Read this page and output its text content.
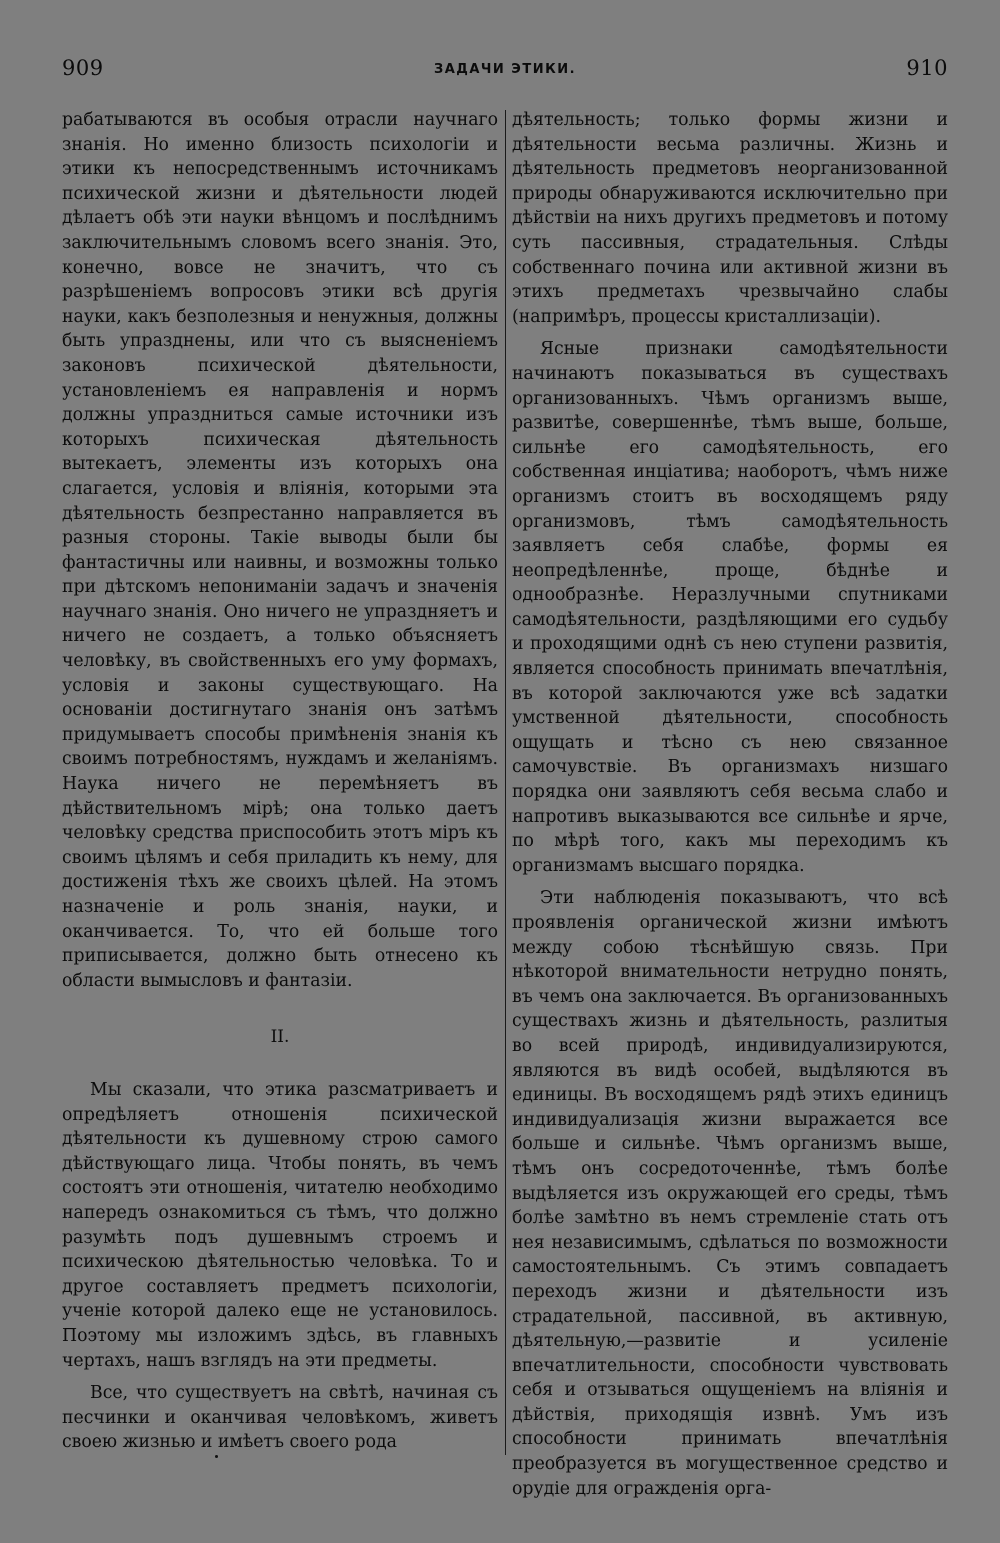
909	ЗАДАЧИ ЭТИКИ.	910

рабатываются въ особыя отрасли научнаго знанія. Но именно близость психологіи и этики къ непосредственнымъ источникамъ психической жизни и дѣятельности людей дѣлаетъ обѣ эти науки вѣнцомъ и послѣднимъ заключительнымъ словомъ всего знанія. Это, конечно, вовсе не значитъ, что съ разрѣшеніемъ вопросовъ этики всѣ другія науки, какъ безполезныя и ненужныя, должны быть упразднены, или что съ выясненіемъ законовъ психической дѣятельности, установленіемъ ея направленія и нормъ должны упраздниться самые источники изъ которыхъ психическая дѣятельность вытекаетъ, элементы изъ которыхъ она слагается, условія и вліянія, которыми эта дѣятельность безпрестанно направляется въ разныя стороны. Такіе выводы были бы фантастичны или наивны, и возможны только при дѣтскомъ непониманіи задачъ и значенія научнаго знанія. Оно ничего не упраздняетъ и ничего не создаетъ, а только объясняетъ человѣку, въ свойственныхъ его уму формахъ, условія и законы существующаго. На основаніи достигнутаго знанія онъ затѣмъ придумываетъ способы примѣненія знанія къ своимъ потребностямъ, нуждамъ и желаніямъ. Наука ничего не перемѣняетъ въ дѣйствительномъ мірѣ; она только даетъ человѣку средства приспособить этотъ міръ къ своимъ цѣлямъ и себя приладить къ нему, для достиженія тѣхъ же своихъ цѣлей. На этомъ назначеніе и роль знанія, науки, и оканчивается. То, что ей больше того приписывается, должно быть отнесено къ области вымысловъ и фантазіи.

II.

Мы сказали, что этика разсматриваетъ и опредѣляетъ отношенія психической дѣятельности къ душевному строю самого дѣйствующаго лица. Чтобы понять, въ чемъ состоятъ эти отношенія, читателю необходимо напередъ ознакомиться съ тѣмъ, что должно разумѣть подъ душевнымъ строемъ и психическою дѣятельностью человѣка. То и другое составляетъ предметъ психологіи, ученіе которой далеко еще не установилось. Поэтому мы изложимъ здѣсь, въ главныхъ чертахъ, нашъ взглядъ на эти предметы.

Все, что существуетъ на свѣтѣ, начиная съ песчинки и оканчивая человѣкомъ, живетъ своею жизнью и имѣетъ своего рода

дѣятельность; только формы жизни и дѣятельности весьма различны. Жизнь и дѣятельность предметовъ неорганизованной природы обнаруживаются исключительно при дѣйствіи на нихъ другихъ предметовъ и потому суть пассивныя, страдательныя. Слѣды собственнаго почина или активной жизни въ этихъ предметахъ чрезвычайно слабы (напримѣръ, процессы кристаллизаціи).

Ясные признаки самодѣятельности начинаютъ показываться въ существахъ организованныхъ. Чѣмъ организмъ выше, развитѣе, совершеннѣе, тѣмъ выше, больше, сильнѣе его самодѣятельность, его собственная инціатива; наоборотъ, чѣмъ ниже организмъ стоитъ въ восходящемъ ряду организмовъ, тѣмъ самодѣятельность заявляетъ себя слабѣе, формы ея неопредѣленнѣе, проще, бѣднѣе и однообразнѣе. Неразлучными спутниками самодѣятельности, раздѣляющими его судьбу и проходящими однѣ съ нею ступени развитія, является способность принимать впечатлѣнія, въ которой заключаются уже всѣ задатки умственной дѣятельности, способность ощущать и тѣсно съ нею связанное самочувствіе. Въ организмахъ низшаго порядка они заявляютъ себя весьма слабо и напротивъ выказываются все сильнѣе и ярче, по мѣрѣ того, какъ мы переходимъ къ организмамъ высшаго порядка.

Эти наблюденія показываютъ, что всѣ проявленія органической жизни имѣютъ между собою тѣснѣйшую связь. При нѣкоторой внимательности нетрудно понять, въ чемъ она заключается. Въ организованныхъ существахъ жизнь и дѣятельность, разлитыя во всей природѣ, индивидуализируются, являются въ видѣ особей, выдѣляются въ единицы. Въ восходящемъ рядѣ этихъ единицъ индивидуализація жизни выражается все больше и сильнѣе. Чѣмъ организмъ выше, тѣмъ онъ сосредоточеннѣе, тѣмъ болѣе выдѣляется изъ окружающей его среды, тѣмъ болѣе замѣтно въ немъ стремленіе стать отъ нея независимымъ, сдѣлаться по возможности самостоятельнымъ. Съ этимъ совпадаетъ переходъ жизни и дѣятельности изъ страдательной, пассивной, въ активную, дѣятельную,—развитіе и усиленіе впечатлительности, способности чувствовать себя и отзываться ощущеніемъ на вліянія и дѣйствія, приходящія извнѣ. Умъ изъ способности принимать впечатлѣнія преобразуется въ могущественное средство и орудіе для огражденія орга-
